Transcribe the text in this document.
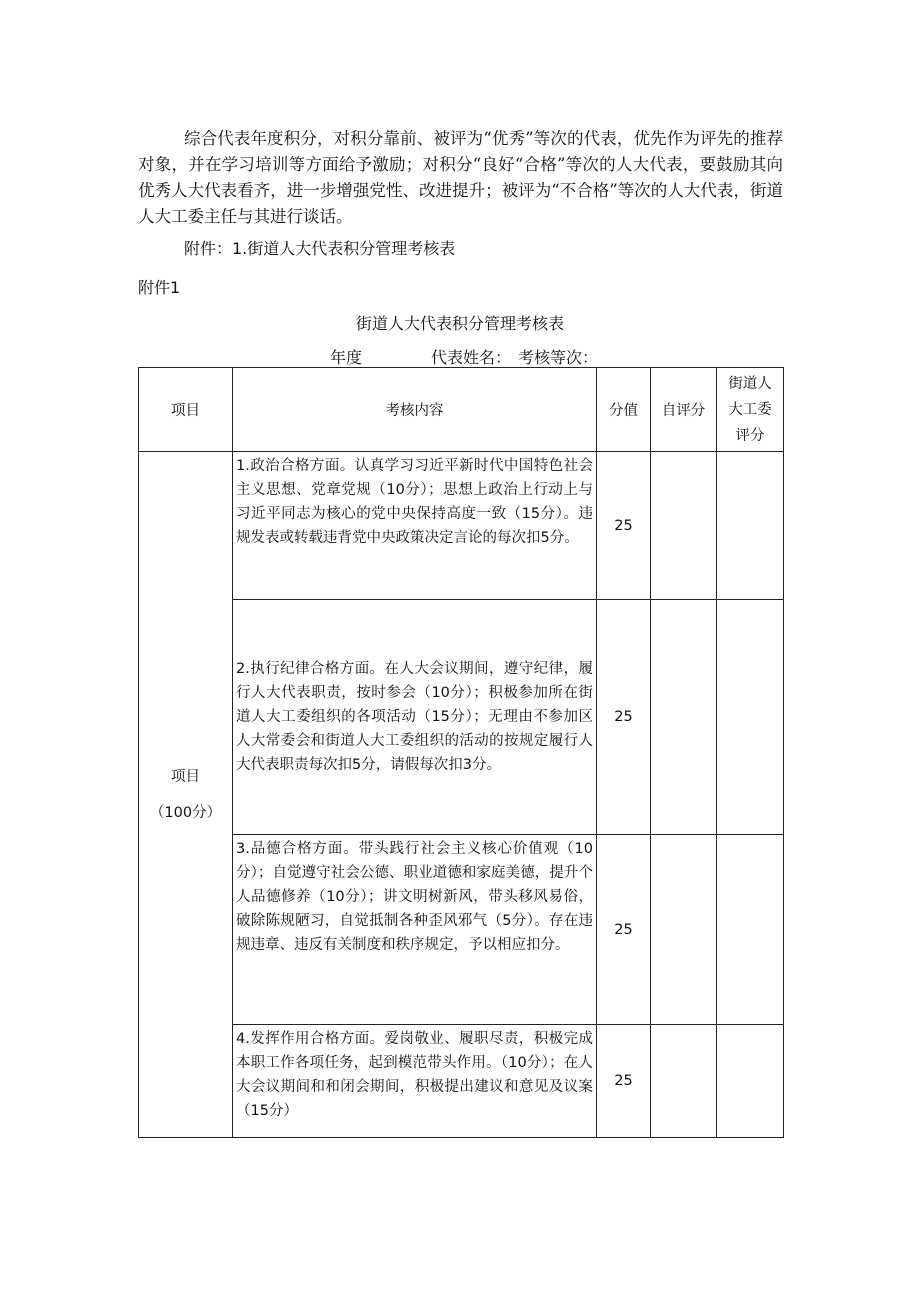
综合代表年度积分，对积分靠前、被评为“优秀”等次的代表，优先作为评先的推荐对象，并在学习培训等方面给予激励；对积分“良好“合格”等次的人大代表，要鼓励其向优秀人大代表看齐，进一步增强党性、改进提升；被评为“不合格”等次的人大代表，街道人大工委主任与其进行谈话。
附件：1.街道人大代表积分管理考核表
附件1
街道人大代表积分管理考核表
年度	代表姓名： 考核等次：
项目	考核内容	分值	自评分	街道人
大工委
评分

项目
（100分）	1.政治合格方面。认真学习习近平新时代中国特色社会主义思想、党章党规（10分）；思想上政治上行动上与习近平同志为核心的党中央保持高度一致（15分）。违规发表或转载违背党中央政策决定言论的每次扣5分。	25		

	2.执行纪律合格方面。在人大会议期间，遵守纪律，履行人大代表职责，按时参会（10分）；积极参加所在街道人大工委组织的各项活动（15分）；无理由不参加区人大常委会和街道人大工委组织的活动的按规定履行人大代表职责每次扣5分，请假每次扣3分。	25		

	3.品德合格方面。带头践行社会主义核心价值观（10分）；自觉遵守社会公德、职业道德和家庭美德，提升个人品德修养（10分）；讲文明树新风，带头移风易俗，破除陈规陋习，自觉抵制各种歪风邪气（5分）。存在违规违章、违反有关制度和秩序规定，予以相应扣分。	25		

	4.发挥作用合格方面。爱岗敬业、履职尽责，积极完成本职工作各项任务，起到模范带头作用。（10分）；在人大会议期间和和闭会期间，积极提出建议和意见及议案（15分）	25		
